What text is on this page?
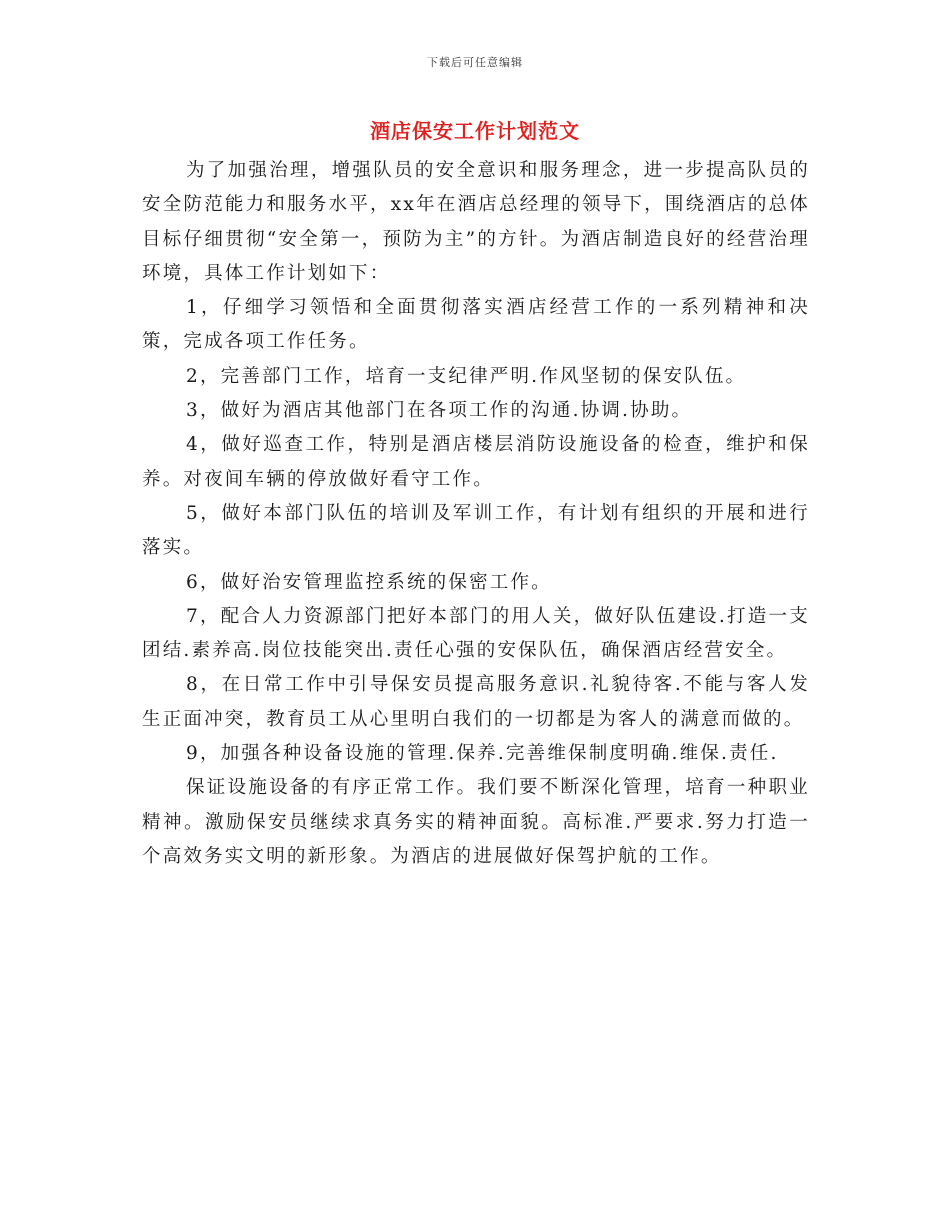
下载后可任意编辑
酒店保安工作计划范文

为了加强治理，增强队员的安全意识和服务理念，进一步提高队员的安全防范能力和服务水平，xx年在酒店总经理的领导下，围绕酒店的总体目标仔细贯彻“安全第一，预防为主”的方针。为酒店制造良好的经营治理环境，具体工作计划如下：

1，仔细学习领悟和全面贯彻落实酒店经营工作的一系列精神和决策，完成各项工作任务。

2，完善部门工作，培育一支纪律严明.作风坚韧的保安队伍。

3，做好为酒店其他部门在各项工作的沟通.协调.协助。

4，做好巡查工作，特别是酒店楼层消防设施设备的检查，维护和保养。对夜间车辆的停放做好看守工作。

5，做好本部门队伍的培训及军训工作，有计划有组织的开展和进行落实。

6，做好治安管理监控系统的保密工作。

7，配合人力资源部门把好本部门的用人关，做好队伍建设.打造一支团结.素养高.岗位技能突出.责任心强的安保队伍，确保酒店经营安全。

8，在日常工作中引导保安员提高服务意识.礼貌待客.不能与客人发生正面冲突，教育员工从心里明白我们的一切都是为客人的满意而做的。

9，加强各种设备设施的管理.保养.完善维保制度明确.维保.责任.

保证设施设备的有序正常工作。我们要不断深化管理，培育一种职业精神。激励保安员继续求真务实的精神面貌。高标准.严要求.努力打造一个高效务实文明的新形象。为酒店的进展做好保驾护航的工作。
